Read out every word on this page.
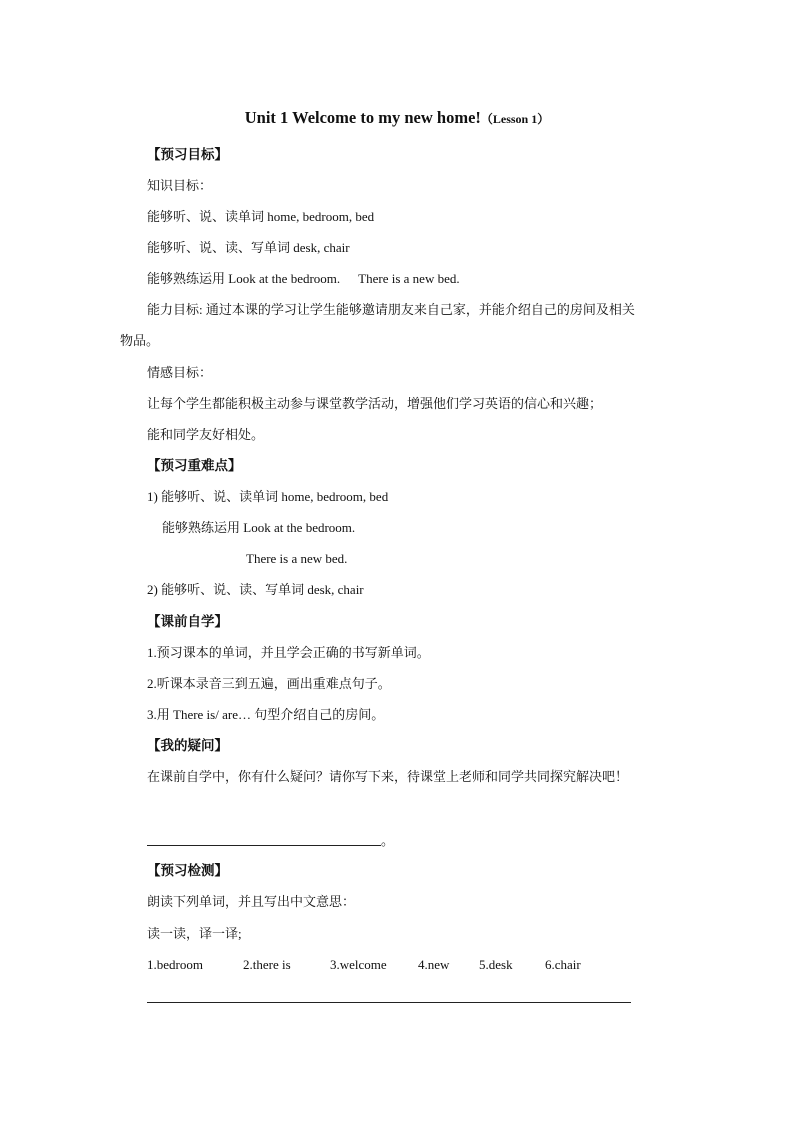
Unit 1 Welcome to my new home!（Lesson 1）
【预习目标】
知识目标：
能够听、说、读单词 home, bedroom, bed
能够听、说、读、写单词 desk, chair
能够熟练运用 Look at the bedroom. There is a new bed.
能力目标: 通过本课的学习让学生能够邀请朋友来自己家，并能介绍自己的房间及相关
物品。
情感目标：
让每个学生都能积极主动参与课堂教学活动，增强他们学习英语的信心和兴趣；
能和同学友好相处。
【预习重难点】
1) 能够听、说、读单词 home, bedroom, bed
能够熟练运用 Look at the bedroom.
There is a new bed.
2) 能够听、说、读、写单词 desk, chair
【课前自学】
1.预习课本的单词，并且学会正确的书写新单词。
2.听课本录音三到五遍，画出重难点句子。
3.用 There is/ are… 句型介绍自己的房间。
【我的疑问】
在课前自学中，你有什么疑问？请你写下来，待课堂上老师和同学共同探究解决吧！
。
【预习检测】
朗读下列单词，并且写出中文意思：
读一读，译一译;
1.bedroom	2.there is	3.welcome 4.new 5.desk 6.chair
